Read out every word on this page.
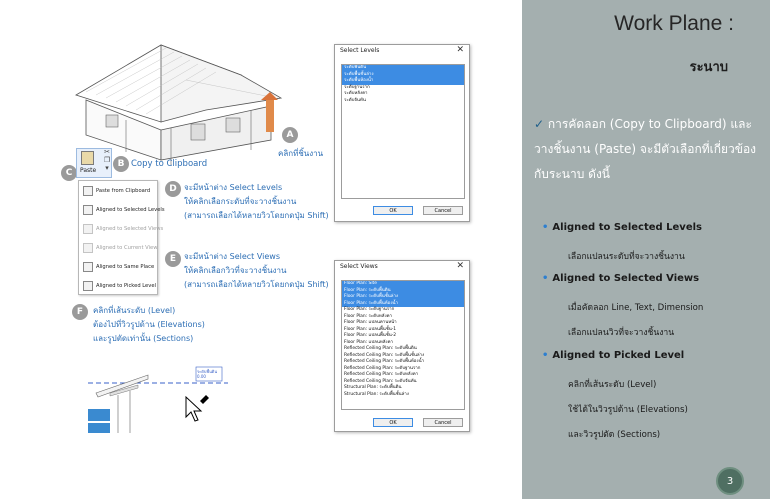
A
คลิกที่ชิ้นงาน
B Copy to Clipboard
C	Paste
✂
❐
▾
Paste from Clipboard
Aligned to Selected Levels
Aligned to Selected Views
Aligned to Current View
Aligned to Same Place
Aligned to Picked Level
D จะมีหน้าต่าง Select Levels
ให้คลิกเลือกระดับที่จะวางชิ้นงาน
(สามารถเลือกได้หลายวิวโดยกดปุ่ม Shift)
E จะมีหน้าต่าง Select Views
ให้คลิกเลือกวิวที่จะวางชิ้นงาน
(สามารถเลือกได้หลายวิวโดยกดปุ่ม Shift)
F	คลิกที่เส้นระดับ (Level)
ต้องไปที่วิวรูปด้าน (Elevations)
และรูปตัดเท่านั้น (Sections)
ระดับพื้นดิน
0.00
Select Levels	✕
ระดับพื้นดิน
ระดับพื้นชั้นล่าง
ระดับพื้นห้องน้ำ
ระดับฐานราก
ระดับหลังคา
ระดับจันทัน
OK	Cancel
Select Views	✕
Floor Plan: Site
Floor Plan: ระดับพื้นดิน
Floor Plan: ระดับพื้นชั้นล่าง
Floor Plan: ระดับพื้นห้องน้ำ
Floor Plan: ระดับฐานราก
Floor Plan: ระดับหลังคา
Floor Plan: แปลนคานหน้า
Floor Plan: แปลนพื้นชั้น-1
Floor Plan: แปลนพื้นชั้น-2
Floor Plan: แปลนหลังคา
Reflected Ceiling Plan: ระดับพื้นดิน
Reflected Ceiling Plan: ระดับพื้นชั้นล่าง
Reflected Ceiling Plan: ระดับพื้นห้องน้ำ
Reflected Ceiling Plan: ระดับฐานราก
Reflected Ceiling Plan: ระดับหลังคา
Reflected Ceiling Plan: ระดับจันทัน
Structural Plan: ระดับพื้นดิน
Structural Plan: ระดับพื้นชั้นล่าง
OK	Cancel
Work Plane :
ระนาบ
✓ การคัดลอก (Copy to Clipboard) และวางชิ้นงาน (Paste) จะมีตัวเลือกที่เกี่ยวข้องกับระนาบ ดังนี้
• Aligned to Selected Levels
เลือกแปลนระดับที่จะวางชิ้นงาน
• Aligned to Selected Views
เมื่อคัดลอก Line, Text, Dimension
เลือกแปลนวิวที่จะวางชิ้นงาน
• Aligned to Picked Level
คลิกที่เส้นระดับ (Level)
ใช้ได้ในวิวรูปด้าน (Elevations)
และวิวรูปตัด (Sections)
3
